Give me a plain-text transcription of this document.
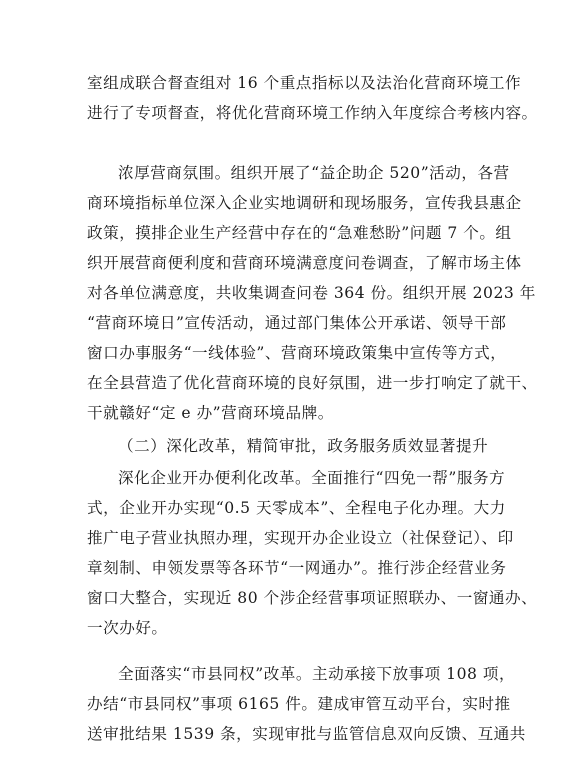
室组成联合督查组对 16 个重点指标以及法治化营商环境工作
进行了专项督查，将优化营商环境工作纳入年度综合考核内容。
浓厚营商氛围。组织开展了“益企助企 520”活动，各营
商环境指标单位深入企业实地调研和现场服务，宣传我县惠企
政策，摸排企业生产经营中存在的“急难愁盼”问题 7 个。组
织开展营商便利度和营商环境满意度问卷调查，了解市场主体
对各单位满意度，共收集调查问卷 364 份。组织开展 2023 年
“营商环境日”宣传活动，通过部门集体公开承诺、领导干部
窗口办事服务“一线体验”、营商环境政策集中宣传等方式，
在全县营造了优化营商环境的良好氛围，进一步打响定了就干、
干就赣好“定 e 办”营商环境品牌。
（二）深化改革，精简审批，政务服务质效显著提升
深化企业开办便利化改革。全面推行“四免一帮”服务方
式，企业开办实现“0.5 天零成本”、全程电子化办理。大力
推广电子营业执照办理，实现开办企业设立（社保登记）、印
章刻制、申领发票等各环节“一网通办”。推行涉企经营业务
窗口大整合，实现近 80 个涉企经营事项证照联办、一窗通办、
一次办好。
全面落实“市县同权”改革。主动承接下放事项 108 项，
办结“市县同权”事项 6165 件。建成审管互动平台，实时推
送审批结果 1539 条，实现审批与监管信息双向反馈、互通共
